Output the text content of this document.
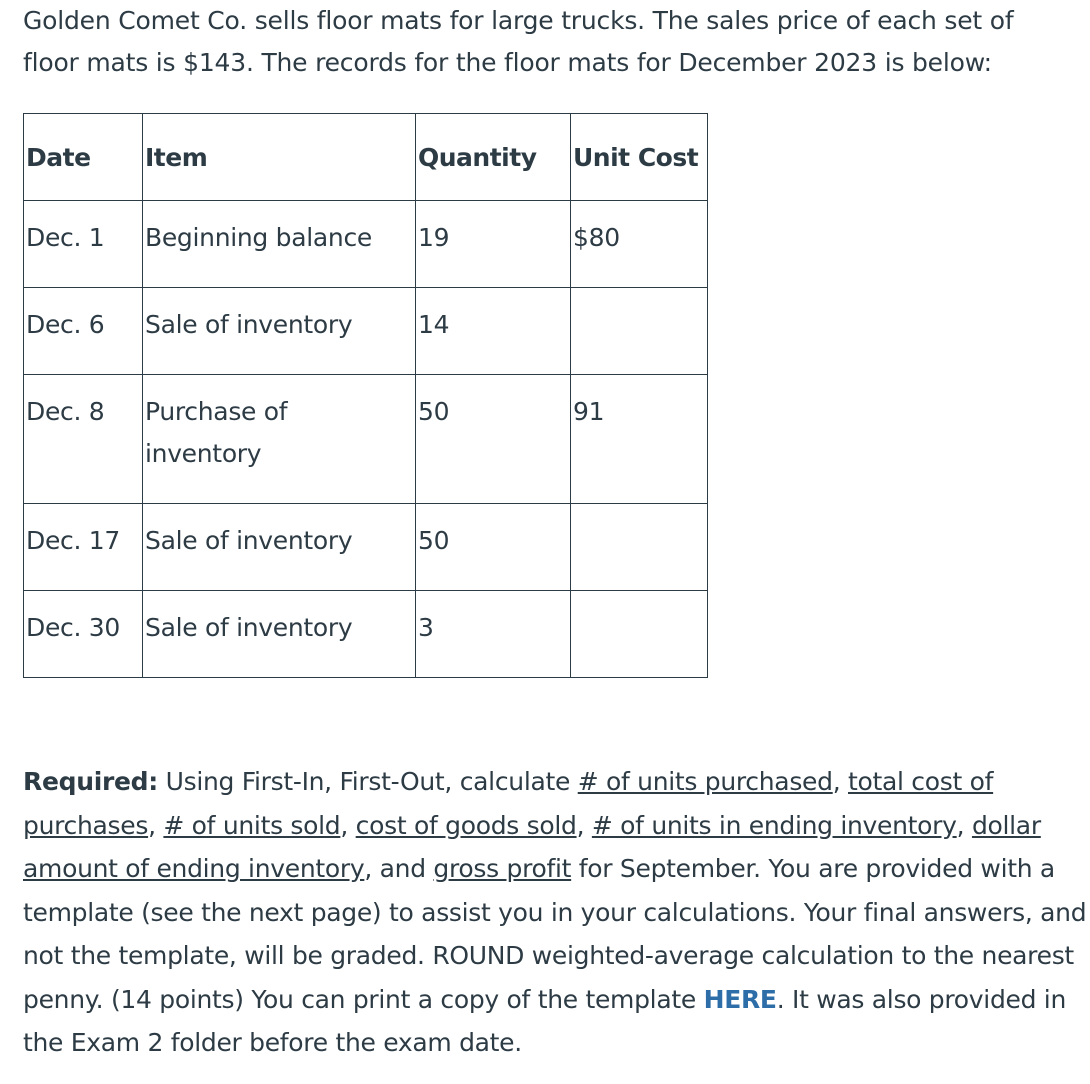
Golden Comet Co. sells floor mats for large trucks. The sales price of each set of
floor mats is $143. The records for the floor mats for December 2023 is below:
Date	Item	Quantity	Unit Cost
Dec. 1	Beginning balance	19	$80
Dec. 6	Sale of inventory	14	
Dec. 8	Purchase of inventory	50	91
Dec. 17	Sale of inventory	50	
Dec. 30	Sale of inventory	3	

Required: Using First-In, First-Out, calculate # of units purchased, total cost of purchases, # of units sold, cost of goods sold, # of units in ending inventory, dollar amount of ending inventory, and gross profit for September. You are provided with a template (see the next page) to assist you in your calculations. Your final answers, and not the template, will be graded. ROUND weighted-average calculation to the nearest penny. (14 points) You can print a copy of the template HERE. It was also provided in the Exam 2 folder before the exam date.
